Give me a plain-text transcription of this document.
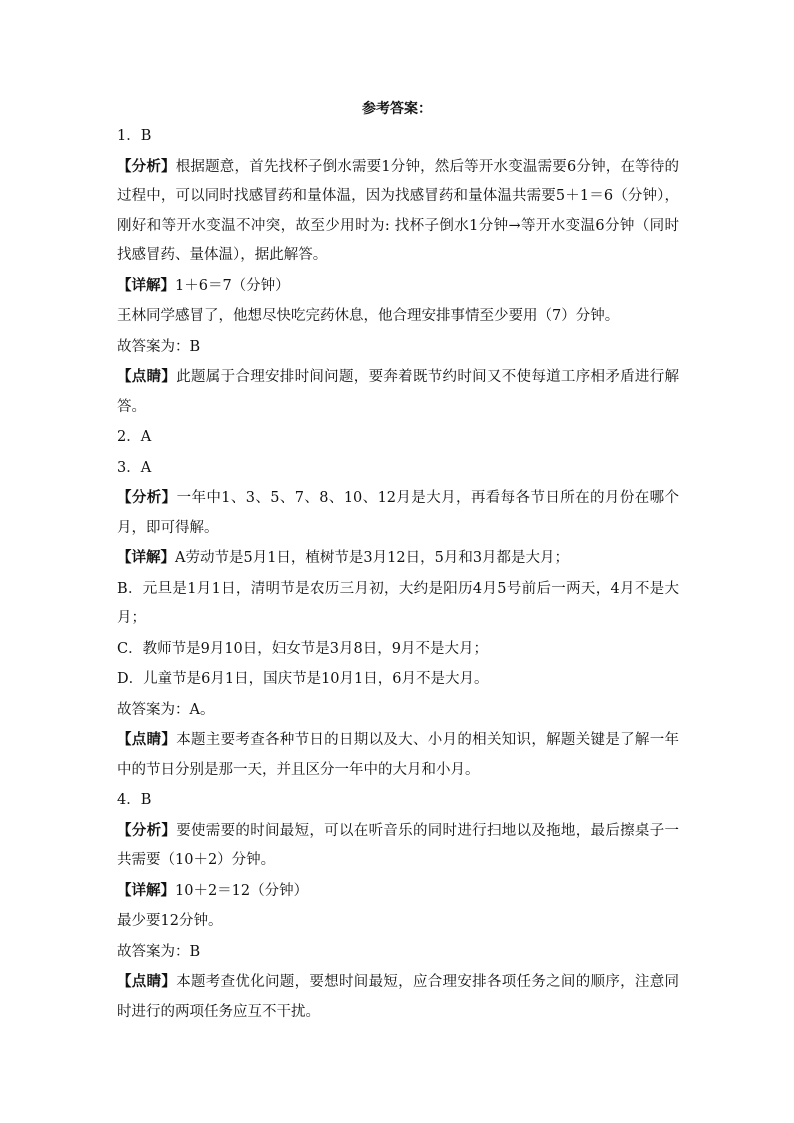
参考答案：

1．B

【分析】根据题意，首先找杯子倒水需要1分钟，然后等开水变温需要6分钟，在等待的过程中，可以同时找感冒药和量体温，因为找感冒药和量体温共需要5＋1＝6（分钟），刚好和等开水变温不冲突，故至少用时为: 找杯子倒水1分钟→等开水变温6分钟（同时找感冒药、量体温），据此解答。

【详解】1＋6＝7（分钟）

王林同学感冒了，他想尽快吃完药休息，他合理安排事情至少要用（7）分钟。

故答案为：B

【点睛】此题属于合理安排时间问题，要奔着既节约时间又不使每道工序相矛盾进行解答。

2．A

3．A

【分析】一年中1、3、5、7、8、10、12月是大月，再看每各节日所在的月份在哪个月，即可得解。

【详解】A劳动节是5月1日，植树节是3月12日，5月和3月都是大月；

B．元旦是1月1日，清明节是农历三月初，大约是阳历4月5号前后一两天，4月不是大月；

C．教师节是9月10日，妇女节是3月8日，9月不是大月；

D．儿童节是6月1日，国庆节是10月1日，6月不是大月。

故答案为：A。

【点睛】本题主要考查各种节日的日期以及大、小月的相关知识，解题关键是了解一年中的节日分别是那一天，并且区分一年中的大月和小月。

4．B

【分析】要使需要的时间最短，可以在听音乐的同时进行扫地以及拖地，最后擦桌子一共需要（10＋2）分钟。

【详解】10＋2＝12（分钟）

最少要12分钟。

故答案为：B

【点睛】本题考查优化问题，要想时间最短，应合理安排各项任务之间的顺序，注意同时进行的两项任务应互不干扰。
